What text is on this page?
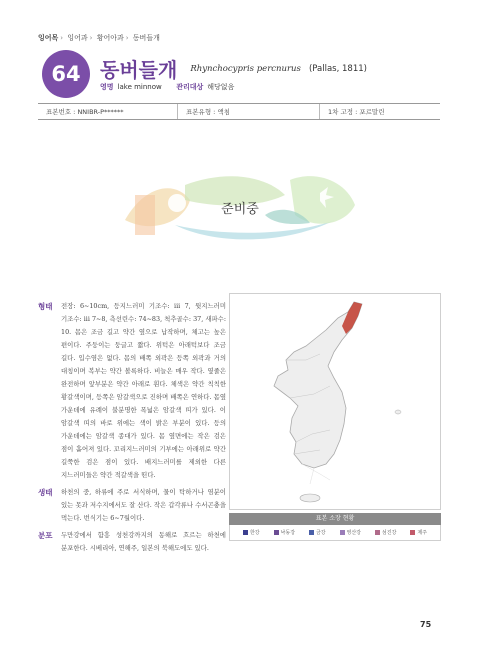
잉어목 › 잉어과 › 황어아과 › 동버들개
64 동버들개 Rhynchocypris percnurus (Pallas, 1811)
영명 lake minnow 관리대상 해당없음
표본번호 : NNIBR-P******	표본유형 : 액침	1차 고정 : 포르말린
준비중
형태	전장: 6~10cm, 등지느러미 기조수: iii 7, 뒷지느러미 기조수: iii 7~8, 측선린수: 74~83, 척추골수: 37, 새파수: 10. 몸은 조금 길고 약간 옆으로 납작하며, 체고는 높은 편이다. 주둥이는 둥글고 짧다. 위턱은 아래턱보다 조금 길다. 입수염은 없다. 몸의 배쪽 외곽은 등쪽 외곽과 거의 대칭이며 복부는 약간 볼록하다. 비늘은 매우 작다. 옆줄은 완전하며 앞부분은 약간 아래로 휜다. 체색은 약간 칙칙한 황갈색이며, 등쪽은 암갈색으로 진하며 배쪽은 연하다. 몸옆 가운데에 유례이 불분명한 폭넓은 암갈색 띠가 있다. 이 암갈색 띠의 바로 위에는 색이 밝은 부분이 있다. 등의 가운데에는 암갈색 종대가 있다. 몸 옆면에는 작은 검은 점이 흩어져 있다. 꼬리지느러미의 기부에는 아래위로 약간 길쭉한 검은 점이 있다. 배지느러미를 제외한 다른 지느러미들은 약간 적갈색을 띤다.
생태	하천의 중, 하류에 주로 서식하며, 물이 탁하거나 염분이 있는 못과 저수지에서도 잘 산다. 작은 갑각류나 수서곤충을 먹는다. 번식기는 6~7월이다.
분포	두만강에서 함흥 성천강까지의 동해로 흐르는 하천에 분포한다. 시베리아, 연해주, 일본의 북해도에도 있다.
표본 소장 현황
한강	낙동강	금강	영산강	섬진강	제주
75
